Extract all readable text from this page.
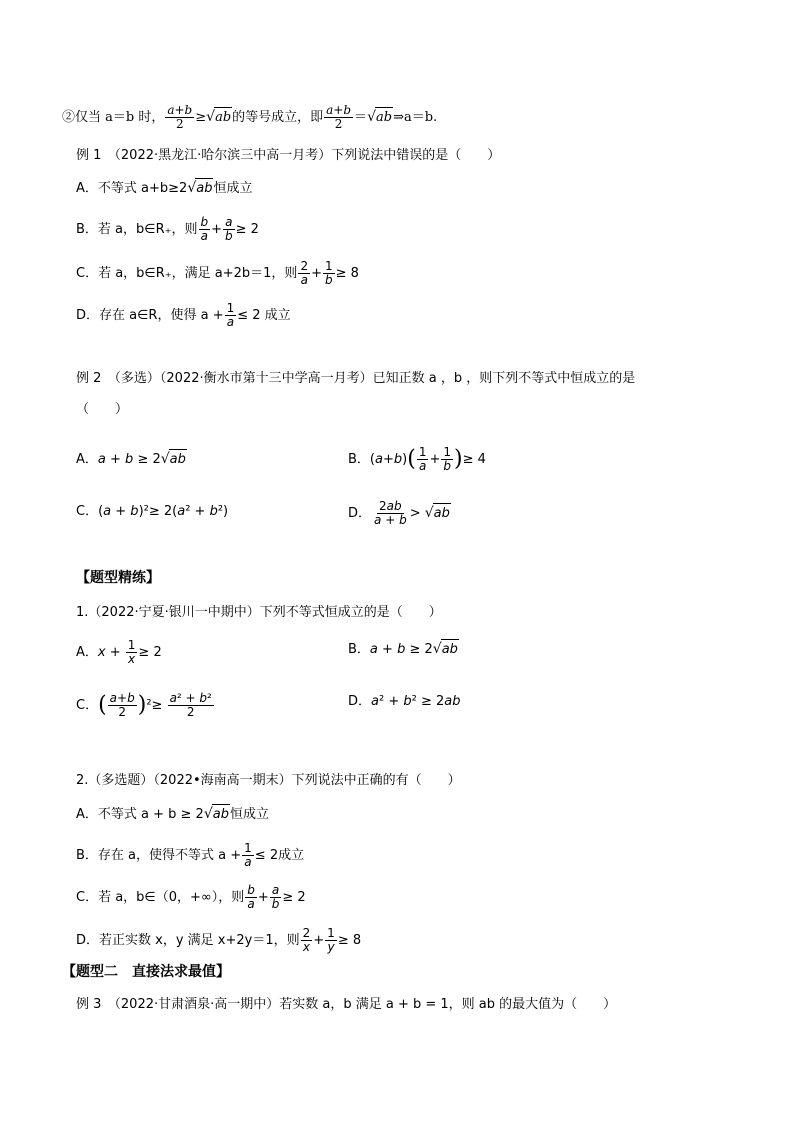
②仅当 a＝b 时， $\frac{a+b}{2} \ge√ab$的等号成立，即 $\frac{a+b}{2}$ ＝√ab⇒a＝b.
例 1　（2022·黑龙江·哈尔滨三中高一月考）下列说法中错误的是（　　）
A．不等式 a+b≥2√ab恒成立
B．若 a，b∈R₊，则 $\frac{b}{a} + \frac{a}{b} \ge 2$
C．若 a，b∈R₊，满足 a+2b＝1，则 $\frac{2}{a} + \frac{1}{b} \ge 8$
D．存在 a∈R，使得 $a + \frac{1}{a} \le 2$ 成立
例 2　（多选）（2022·衡水市第十三中学高一月考）已知正数 a ，b ，则下列不等式中恒成立的是
（　　）
A．a + b ≥ 2√ab	B．$(a+b)( \frac{1}{a} + \frac{1}{b}$ )≥ 4
C．(a + b)²≥ 2(a² + b²)	D． $\frac{2ab}{a + b} > √ab$
【题型精练】
1.（2022·宁夏·银川一中期中）下列不等式恒成立的是（　　）
A．$x + \frac{1}{x} \ge 2$	B．a + b ≥ 2√ab
C．( $\frac{a+b}{2} )^2\ge \frac{\text{a² + b²}}{2}$	D．a² + b² ≥ 2ab
2.（多选题）（2022•海南高一期末）下列说法中正确的有（　　）
A．不等式 a + b ≥ 2√ab恒成立
B．存在 a，使得不等式 $a + \frac{1}{a} \le 2$成立
C．若 a，b∈（0，+∞），则 $\frac{b}{a} + \frac{a}{b} \ge 2$
D．若正实数 x，y 满足 x+2y＝1，则 $\frac{2}{x} + \frac{1}{y} \ge 8$
【题型二　直接法求最值】
例 3　（2022·甘肃酒泉·高一期中）若实数 a，b 满足 a + b = 1，则 ab 的最大值为（　　）
